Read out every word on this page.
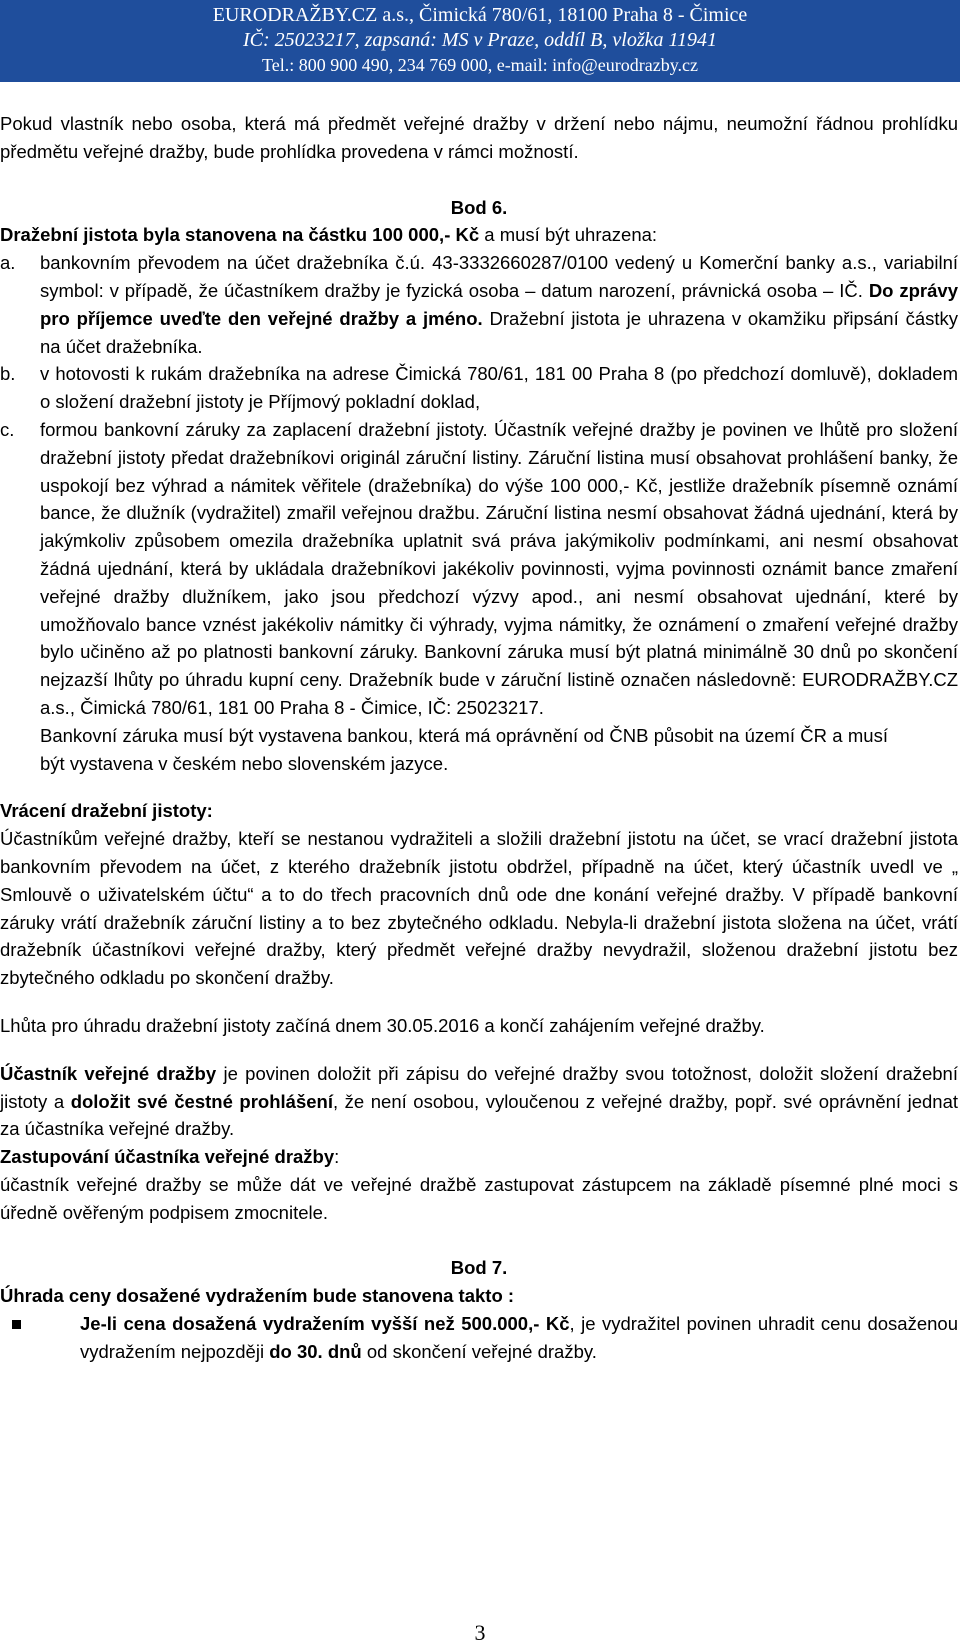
EURODRAŽBY.CZ a.s., Čimická 780/61, 18100 Praha 8 - Čimice
IČ: 25023217, zapsaná: MS v Praze, oddíl B, vložka 11941
Tel.: 800 900 490, 234 769 000, e-mail: info@eurodrazby.cz

Pokud vlastník nebo osoba, která má předmět veřejné dražby v držení nebo nájmu, neumožní řádnou prohlídku předmětu veřejné dražby, bude prohlídka provedena v rámci možností.

Bod 6.

Dražební jistota byla stanovena na částku 100 000,- Kč a musí být uhrazena:

a.	bankovním převodem na účet dražebníka č.ú. 43-3332660287/0100 vedený u Komerční banky a.s., variabilní symbol: v případě, že účastníkem dražby je fyzická osoba – datum narození, právnická osoba – IČ. Do zprávy pro příjemce uveďte den veřejné dražby a jméno. Dražební jistota je uhrazena v okamžiku připsání částky na účet dražebníka.
b.	v hotovosti k rukám dražebníka na adrese Čimická 780/61, 181 00 Praha 8 (po předchozí domluvě), dokladem o složení dražební jistoty je Příjmový pokladní doklad,
c.	formou bankovní záruky za zaplacení dražební jistoty. Účastník veřejné dražby je povinen ve lhůtě pro složení dražební jistoty předat dražebníkovi originál záruční listiny. Záruční listina musí obsahovat prohlášení banky, že uspokojí bez výhrad a námitek věřitele (dražebníka) do výše 100 000,- Kč, jestliže dražebník písemně oznámí bance, že dlužník (vydražitel) zmařil veřejnou dražbu. Záruční listina nesmí obsahovat žádná ujednání, která by jakýmkoliv způsobem omezila dražebníka uplatnit svá práva jakýmikoliv podmínkami, ani nesmí obsahovat žádná ujednání, která by ukládala dražebníkovi jakékoliv povinnosti, vyjma povinnosti oznámit bance zmaření veřejné dražby dlužníkem, jako jsou předchozí výzvy apod., ani nesmí obsahovat ujednání, které by umožňovalo bance vznést jakékoliv námitky či výhrady, vyjma námitky, že oznámení o zmaření veřejné dražby bylo učiněno až po platnosti bankovní záruky. Bankovní záruka musí být platná minimálně 30 dnů po skončení nejzazší lhůty po úhradu kupní ceny. Dražebník bude v záruční listině označen následovně: EURODRAŽBY.CZ a.s., Čimická 780/61, 181 00 Praha 8 - Čimice, IČ: 25023217.

Bankovní záruka musí být vystavena bankou, která má oprávnění od ČNB působit na území ČR a musí být vystavena v českém nebo slovenském jazyce.

Vrácení dražební jistoty:

Účastníkům veřejné dražby, kteří se nestanou vydražiteli a složili dražební jistotu na účet, se vrací dražební jistota bankovním převodem na účet, z kterého dražebník jistotu obdržel, případně na účet, který účastník uvedl ve „ Smlouvě o uživatelském účtu“ a to do třech pracovních dnů ode dne konání veřejné dražby. V případě bankovní záruky vrátí dražebník záruční listiny a to bez zbytečného odkladu. Nebyla-li dražební jistota složena na účet, vrátí dražebník účastníkovi veřejné dražby, který předmět veřejné dražby nevydražil, složenou dražební jistotu bez zbytečného odkladu po skončení dražby.

Lhůta pro úhradu dražební jistoty začíná dnem 30.05.2016 a končí zahájením veřejné dražby.

Účastník veřejné dražby je povinen doložit při zápisu do veřejné dražby svou totožnost, doložit složení dražební jistoty a doložit své čestné prohlášení, že není osobou, vyloučenou z veřejné dražby, popř. své oprávnění jednat za účastníka veřejné dražby.

Zastupování účastníka veřejné dražby:

účastník veřejné dražby se může dát ve veřejné dražbě zastupovat zástupcem na základě písemné plné moci s úředně ověřeným podpisem zmocnitele.

Bod 7.

Úhrada ceny dosažené vydražením bude stanovena takto :

Je-li cena dosažená vydražením vyšší než 500.000,- Kč, je vydražitel povinen uhradit cenu dosaženou vydražením nejpozději do 30. dnů od skončení veřejné dražby.
3
